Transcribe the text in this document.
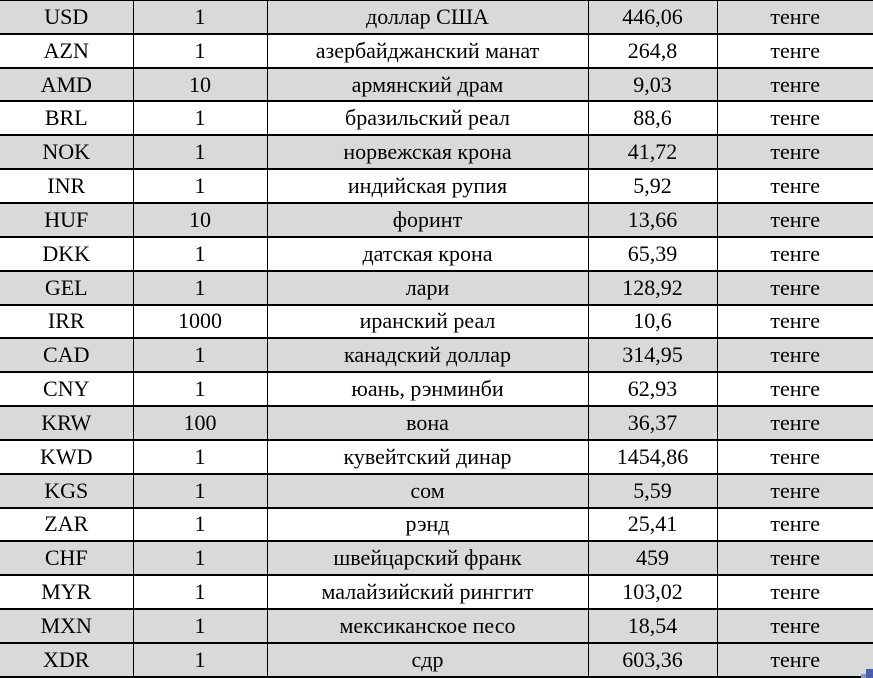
USD	1	доллар США	446,06	тенге
AZN	1	азербайджанский манат	264,8	тенге
AMD	10	армянский драм	9,03	тенге
BRL	1	бразильский реал	88,6	тенге
NOK	1	норвежская крона	41,72	тенге
INR	1	индийская рупия	5,92	тенге
HUF	10	форинт	13,66	тенге
DKK	1	датская крона	65,39	тенге
GEL	1	лари	128,92	тенге
IRR	1000	иранский реал	10,6	тенге
CAD	1	канадский доллар	314,95	тенге
CNY	1	юань, рэнминби	62,93	тенге
KRW	100	вона	36,37	тенге
KWD	1	кувейтский динар	1454,86	тенге
KGS	1	сом	5,59	тенге
ZAR	1	рэнд	25,41	тенге
CHF	1	швейцарский франк	459	тенге
MYR	1	малайзийский ринггит	103,02	тенге
MXN	1	мексиканское песо	18,54	тенге
XDR	1	сдр	603,36	тенге
